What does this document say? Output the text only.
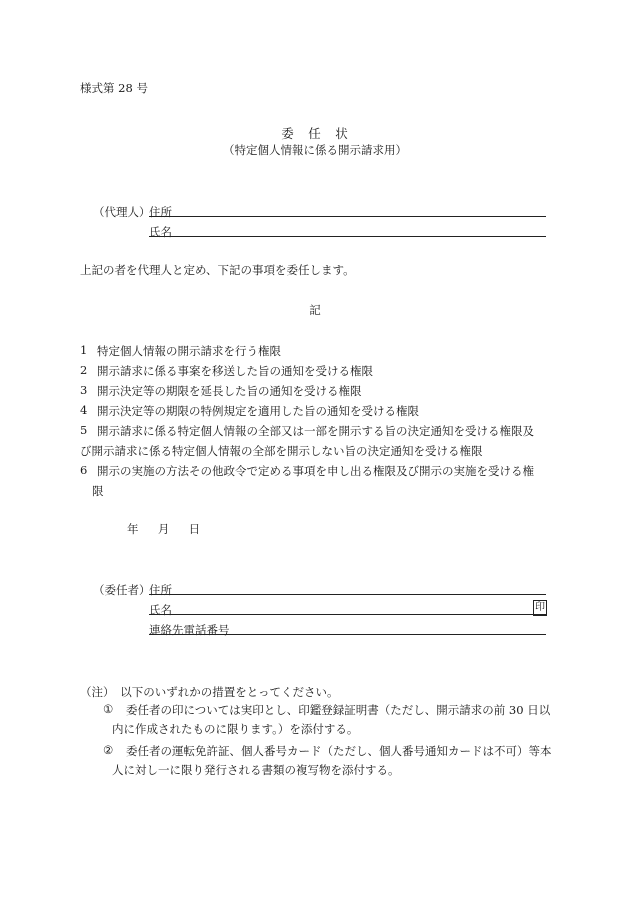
様式第 28 号
委　任　状
（特定個人情報に係る開示請求用）
（代理人）
住所
氏名
上記の者を代理人と定め、下記の事項を委任します。
記
1 特定個人情報の開示請求を行う権限
2 開示請求に係る事案を移送した旨の通知を受ける権限
3 開示決定等の期限を延長した旨の通知を受ける権限
4 開示決定等の期限の特例規定を適用した旨の通知を受ける権限
5 開示請求に係る特定個人情報の全部又は一部を開示する旨の決定通知を受ける権限及
び開示請求に係る特定個人情報の全部を開示しない旨の決定通知を受ける権限
6 開示の実施の方法その他政令で定める事項を申し出る権限及び開示の実施を受ける権
限
年 月 日
（委任者）
住所
氏名	印
連絡先電話番号
（注）　以下のいずれかの措置をとってください。
① 委任者の印については実印とし、印鑑登録証明書（ただし、開示請求の前 30 日以
内に作成されたものに限ります。）を添付する。
② 委任者の運転免許証、個人番号カード（ただし、個人番号通知カードは不可）等本
人に対し一に限り発行される書類の複写物を添付する。
